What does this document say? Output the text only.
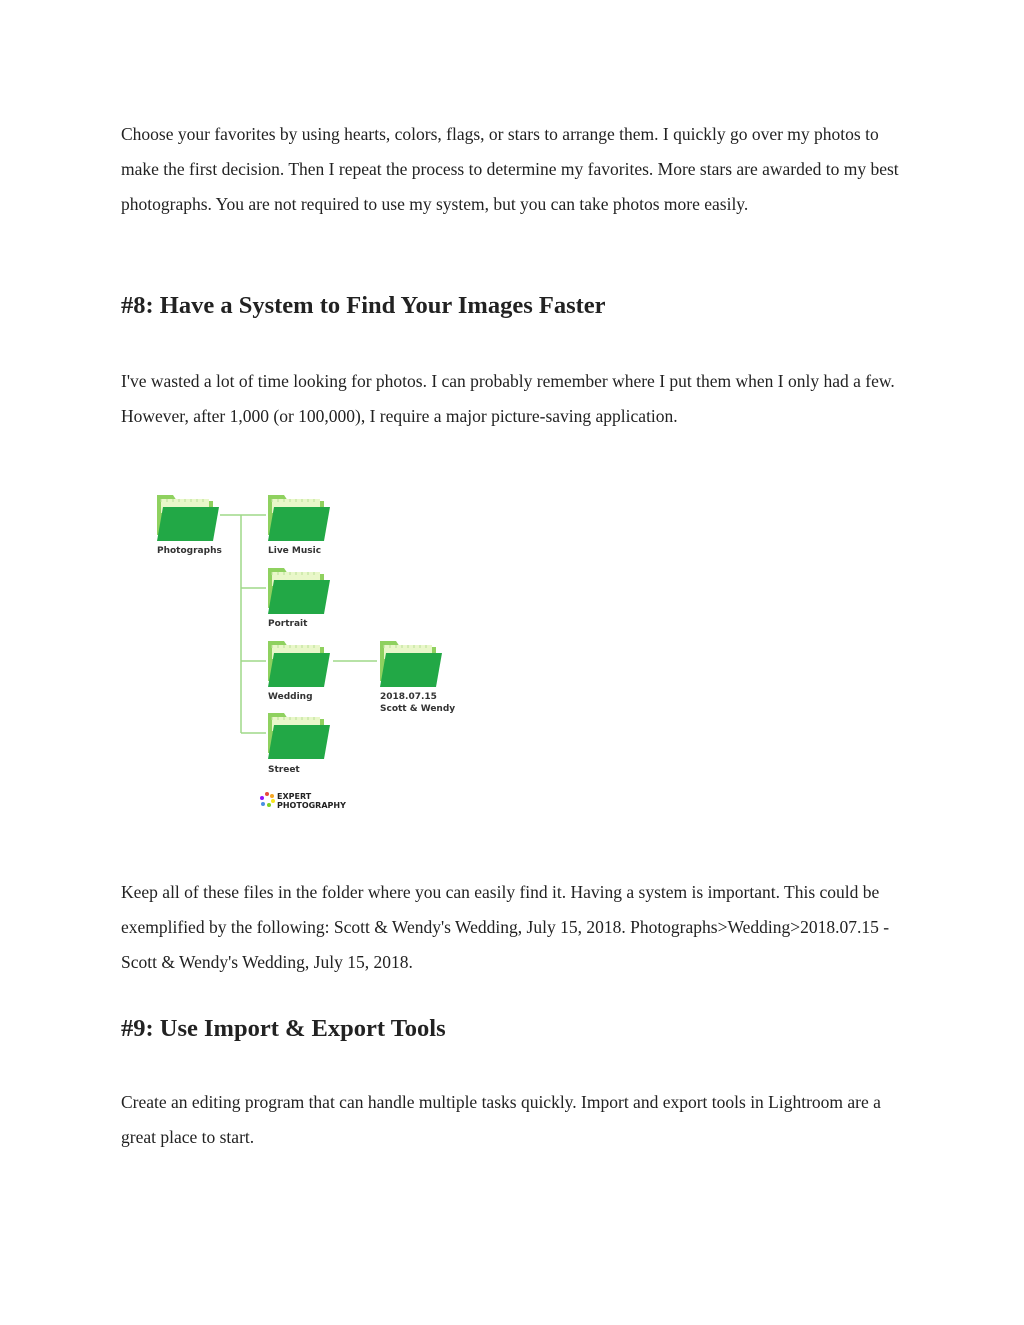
Choose your favorites by using hearts, colors, flags, or stars to arrange them. I quickly go over my photos to make the first decision. Then I repeat the process to determine my favorites. More stars are awarded to my best photographs. You are not required to use my system, but you can take photos more easily.

#8: Have a System to Find Your Images Faster

I've wasted a lot of time looking for photos. I can probably remember where I put them when I only had a few. However, after 1,000 (or 100,000), I require a major picture-saving application.

Photographs	Live Music
Portrait
Wedding	2018.07.15
Scott & Wendy
Street
EXPERT
PHOTOGRAPHY

Keep all of these files in the folder where you can easily find it. Having a system is important. This could be exemplified by the following: Scott & Wendy's Wedding, July 15, 2018. Photographs>Wedding>2018.07.15 - Scott & Wendy's Wedding, July 15, 2018.

#9: Use Import & Export Tools

Create an editing program that can handle multiple tasks quickly. Import and export tools in Lightroom are a great place to start.
